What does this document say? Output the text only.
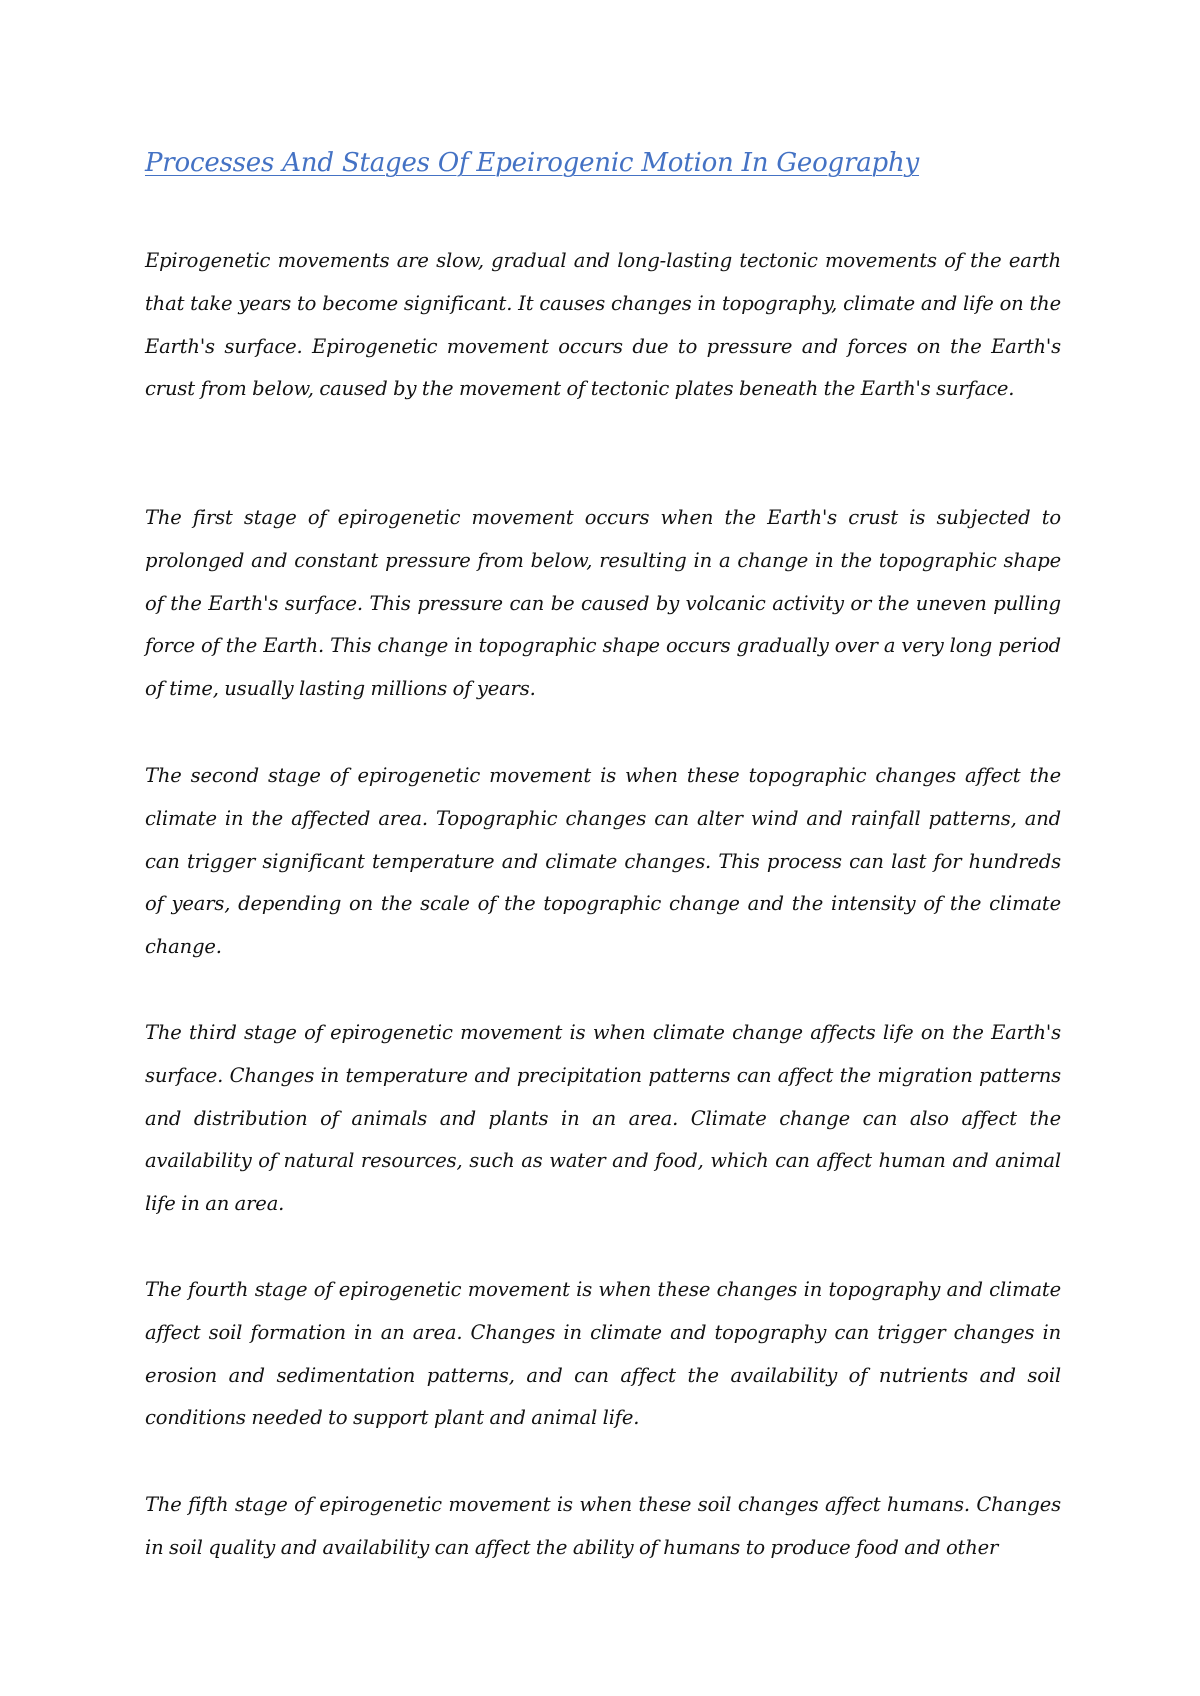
Processes And Stages Of Epeirogenic Motion In Geography

Epirogenetic movements are slow, gradual and long-lasting tectonic movements of the earth that take years to become significant. It causes changes in topography, climate and life on the Earth's surface. Epirogenetic movement occurs due to pressure and forces on the Earth's crust from below, caused by the movement of tectonic plates beneath the Earth's surface.

The first stage of epirogenetic movement occurs when the Earth's crust is subjected to prolonged and constant pressure from below, resulting in a change in the topographic shape of the Earth's surface. This pressure can be caused by volcanic activity or the uneven pulling force of the Earth. This change in topographic shape occurs gradually over a very long period of time, usually lasting millions of years.

The second stage of epirogenetic movement is when these topographic changes affect the climate in the affected area. Topographic changes can alter wind and rainfall patterns, and can trigger significant temperature and climate changes. This process can last for hundreds of years, depending on the scale of the topographic change and the intensity of the climate change.

The third stage of epirogenetic movement is when climate change affects life on the Earth's surface. Changes in temperature and precipitation patterns can affect the migration patterns and distribution of animals and plants in an area. Climate change can also affect the availability of natural resources, such as water and food, which can affect human and animal life in an area.

The fourth stage of epirogenetic movement is when these changes in topography and climate affect soil formation in an area. Changes in climate and topography can trigger changes in erosion and sedimentation patterns, and can affect the availability of nutrients and soil conditions needed to support plant and animal life.

The fifth stage of epirogenetic movement is when these soil changes affect humans. Changes in soil quality and availability can affect the ability of humans to produce food and other
